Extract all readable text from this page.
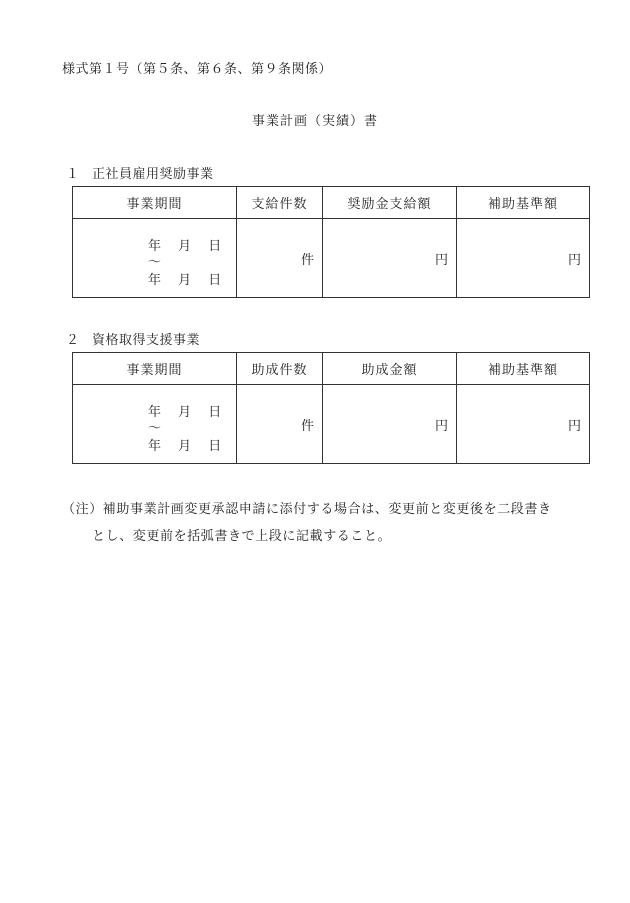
様式第１号（第５条、第６条、第９条関係）
事業計画（実績）書
１ 正社員雇用奨励事業
事業期間	支給件数	奨励金支給額	補助基準額

年　 月　 日
～
年　 月　 日	件	円	円
２ 資格取得支援事業
事業期間	助成件数	助成金額	補助基準額

年　 月　 日
～
年　 月　 日	件	円	円
（注）補助事業計画変更承認申請に添付する場合は、変更前と変更後を二段書き
とし、変更前を括弧書きで上段に記載すること。
